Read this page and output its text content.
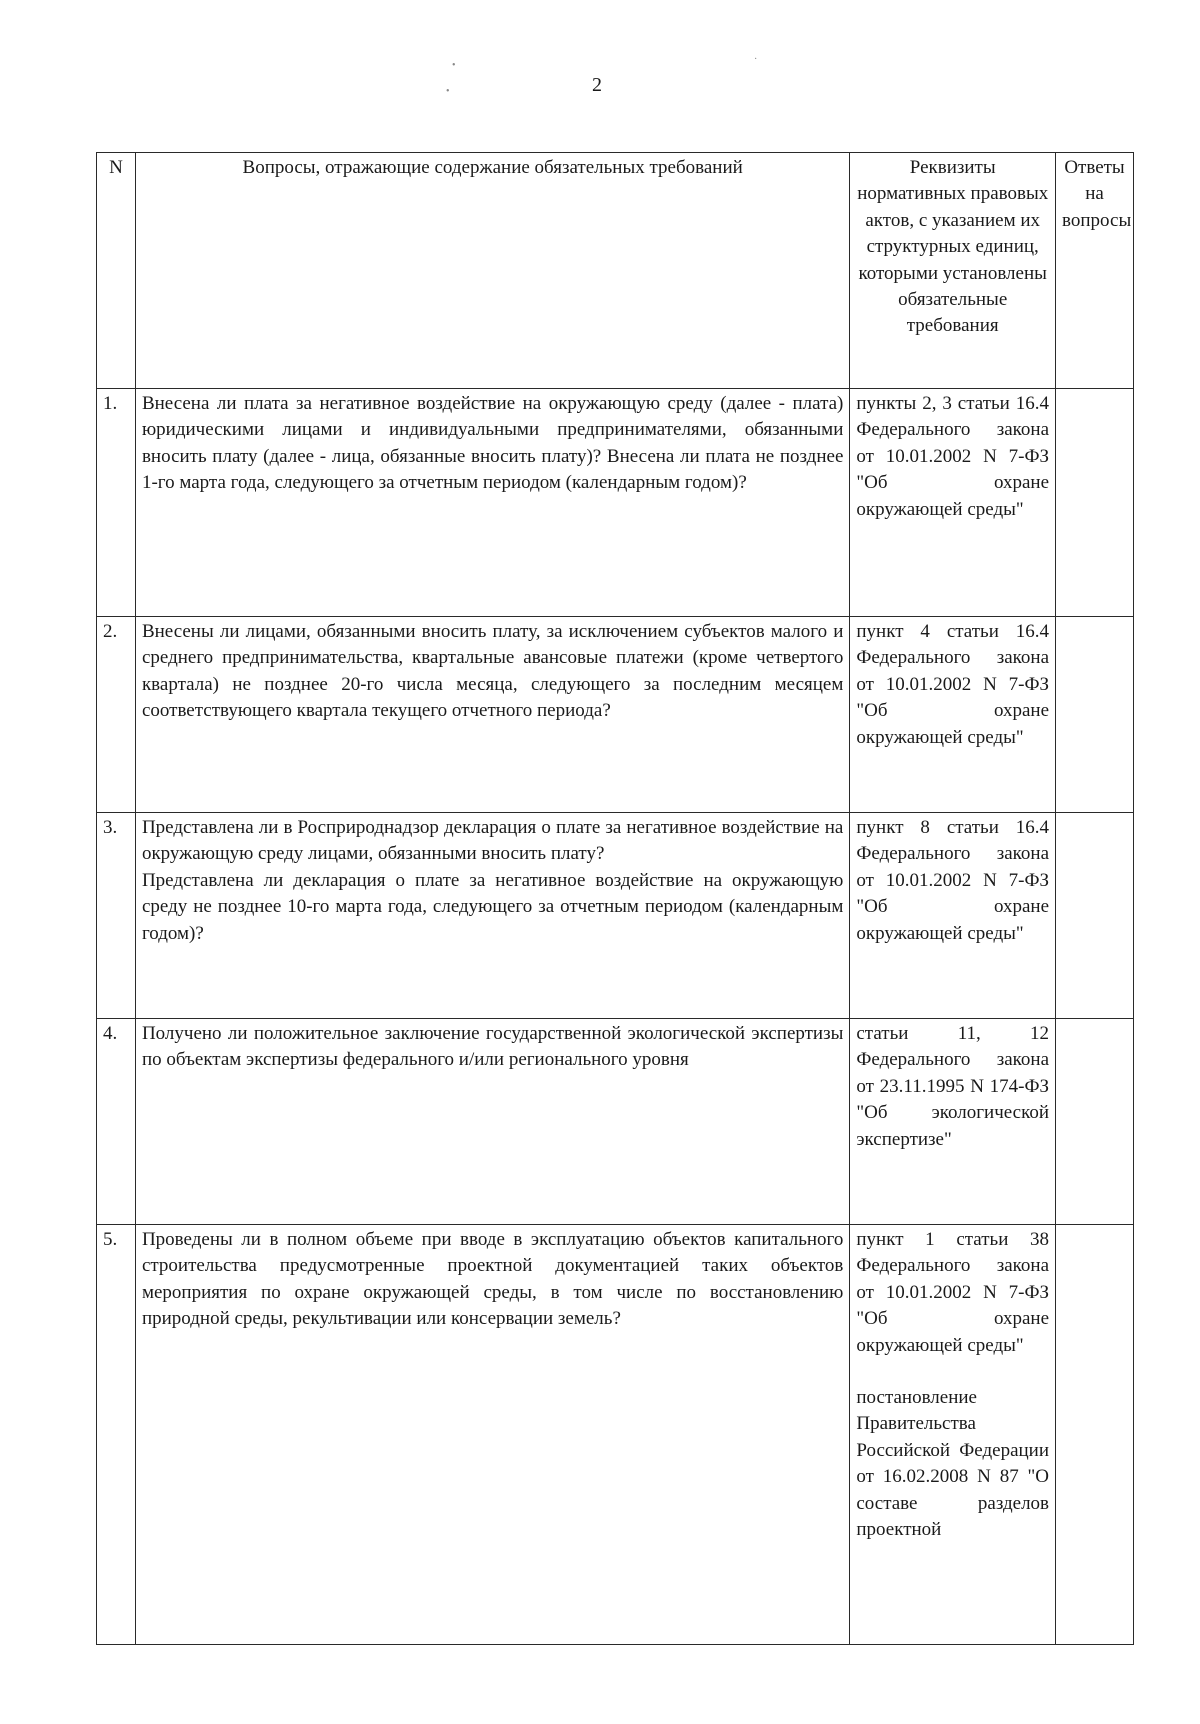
2
•
•
·
N	Вопросы, отражающие содержание обязательных требований	Реквизиты нормативных правовых актов, с указанием их структурных единиц, которыми установлены обязательные требования	Ответы на вопросы
1.	Внесена ли плата за негативное воздействие на окружающую среду (далее - плата) юридическими лицами и индивидуальными предпринимателями, обязанными вносить плату (далее - лица, обязанные вносить плату)? Внесена ли плата не позднее 1-го марта года, следующего за отчетным периодом (календарным годом)?	пункты 2, 3 статьи 16.4 Федерального закона от 10.01.2002 N 7-ФЗ "Об охране окружающей среды"	
2.	Внесены ли лицами, обязанными вносить плату, за исключением субъектов малого и среднего предпринимательства, квартальные авансовые платежи (кроме четвертого квартала) не позднее 20-го числа месяца, следующего за последним месяцем соответствующего квартала текущего отчетного периода?	пункт 4 статьи 16.4 Федерального закона от 10.01.2002 N 7-ФЗ "Об охране окружающей среды"	
3.	Представлена ли в Росприроднадзор декларация о плате за негативное воздействие на окружающую среду лицами, обязанными вносить плату?
Представлена ли декларация о плате за негативное воздействие на окружающую среду не позднее 10-го марта года, следующего за отчетным периодом (календарным годом)?	пункт 8 статьи 16.4 Федерального закона от 10.01.2002 N 7-ФЗ "Об охране окружающей среды"	
4.	Получено ли положительное заключение государственной экологической экспертизы по объектам экспертизы федерального и/или регионального уровня	статьи 11, 12 Федерального закона от 23.11.1995 N 174-ФЗ "Об экологической экспертизе"	
5.	Проведены ли в полном объеме при вводе в эксплуатацию объектов капитального строительства предусмотренные проектной документацией таких объектов мероприятия по охране окружающей среды, в том числе по восстановлению природной среды, рекультивации или консервации земель?	пункт 1 статьи 38 Федерального закона от 10.01.2002 N 7-ФЗ "Об охране окружающей среды"
постановление Правительства Российской Федерации от 16.02.2008 N 87 "О составе разделов проектной	
